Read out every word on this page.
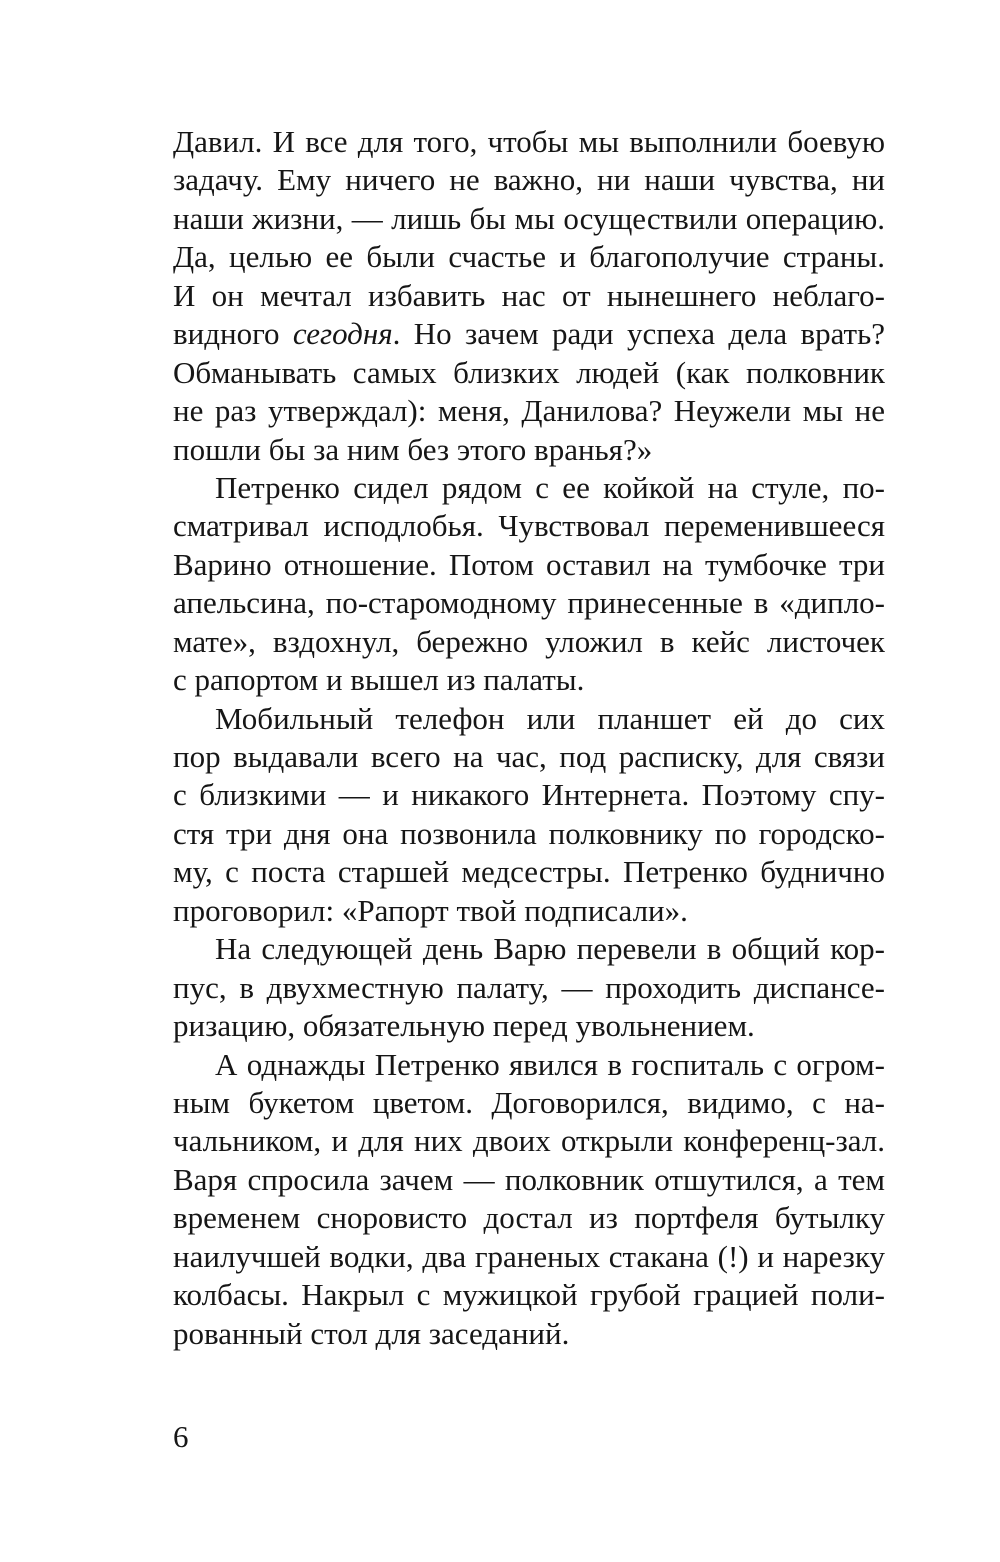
Давил. И все для того, чтобы мы выполнили боевую
задачу. Ему ничего не важно, ни наши чувства, ни
наши жизни, — лишь бы мы осуществили операцию.
Да, целью ее были счастье и благополучие страны.
И он мечтал избавить нас от нынешнего неблаго-
видного сегодня. Но зачем ради успеха дела врать?
Обманывать самых близких людей (как полковник
не раз утверждал): меня, Данилова? Неужели мы не
пошли бы за ним без этого вранья?»
Петренко сидел рядом с ее койкой на стуле, по-
сматривал исподлобья. Чувствовал переменившееся
Варино отношение. Потом оставил на тумбочке три
апельсина, по-старомодному принесенные в «дипло-
мате», вздохнул, бережно уложил в кейс листочек
с рапортом и вышел из палаты.
Мобильный телефон или планшет ей до сих
пор выдавали всего на час, под расписку, для связи
с близкими — и никакого Интернета. Поэтому спу-
стя три дня она позвонила полковнику по городско-
му, с поста старшей медсестры. Петренко буднично
проговорил: «Рапорт твой подписали».
На следующей день Варю перевели в общий кор-
пус, в двухместную палату, — проходить диспансе-
ризацию, обязательную перед увольнением.
А однажды Петренко явился в госпиталь с огром-
ным букетом цветом. Договорился, видимо, с на-
чальником, и для них двоих открыли конференц-зал.
Варя спросила зачем — полковник отшутился, а тем
временем сноровисто достал из портфеля бутылку
наилучшей водки, два граненых стакана (!) и нарезку
колбасы. Накрыл с мужицкой грубой грацией поли-
рованный стол для заседаний.
6
